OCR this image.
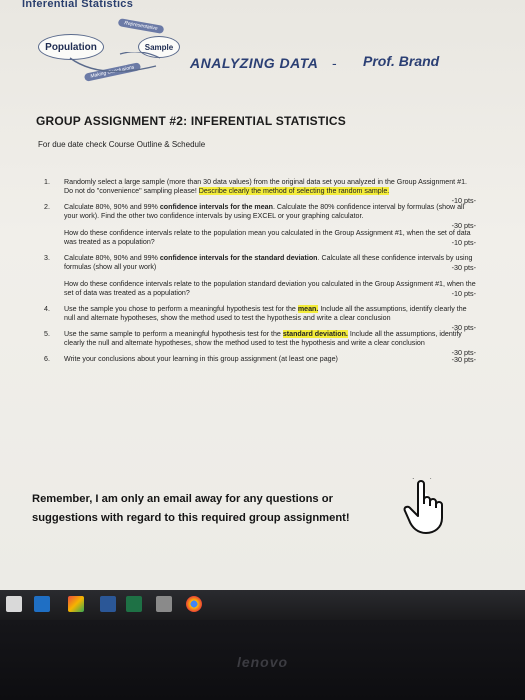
Inferential Statistics
Population	Sample
Representative
Making Conclusions
ANALYZING DATA - Prof. Brand
GROUP ASSIGNMENT #2: INFERENTIAL STATISTICS
For due date check Course Outline & Schedule
1. Randomly select a large sample (more than 30 data values) from the original data set you analyzed in the Group Assignment #1. Do not do "convenience" sampling please! Describe clearly the method of selecting the random sample.
-10 pts-
2. Calculate 80%, 90% and 99% confidence intervals for the mean. Calculate the 80% confidence interval by formulas (show all your work). Find the other two confidence intervals by using EXCEL or your graphing calculator.
-30 pts-
How do these confidence intervals relate to the population mean you calculated in the Group Assignment #1, when the set of data was treated as a population?	-10 pts-
3. Calculate 80%, 90% and 99% confidence intervals for the standard deviation. Calculate all these confidence intervals by using formulas (show all your work)	-30 pts-
How do these confidence intervals relate to the population standard deviation you calculated in the Group Assignment #1, when the set of data was treated as a population?	-10 pts-
4. Use the sample you chose to perform a meaningful hypothesis test for the mean. Include all the assumptions, identify clearly the null and alternate hypotheses, show the method used to test the hypothesis and write a clear conclusion
-30 pts-
5. Use the same sample to perform a meaningful hypothesis test for the standard deviation. Include all the assumptions, identify clearly the null and alternate hypotheses, show the method used to test the hypothesis and write a clear conclusion
-30 pts-
6. Write your conclusions about your learning in this group assignment (at least one page)	-30 pts-
Remember, I am only an email away for any questions or suggestions with regard to this required group assignment!
lenovo
